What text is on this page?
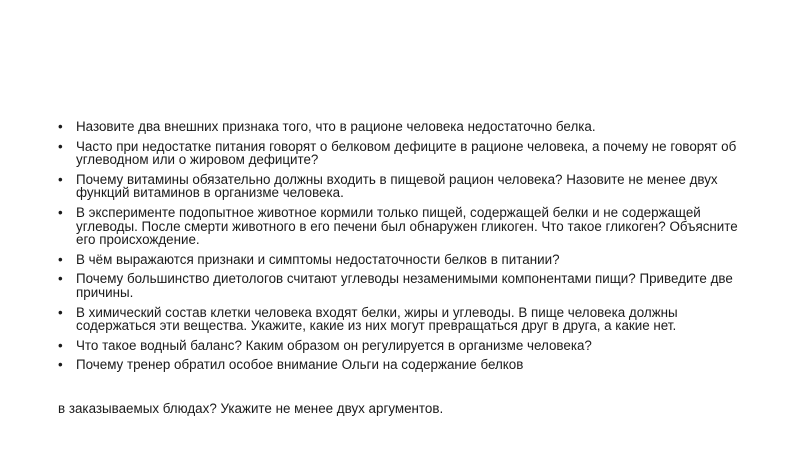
• Назовите два внешних признака того, что в рационе человека недостаточно белка.
• Часто при недостатке питания говорят о белковом дефиците в рационе человека, а почему не говорят об углеводном или о жировом дефиците?
• Почему витамины обязательно должны входить в пищевой рацион человека? Назовите не менее двух функций витаминов в организме человека.
• В эксперименте подопытное животное кормили только пищей, содержащей белки и не содержащей углеводы. После смерти животного в его печени был обнаружен гликоген. Что такое гликоген? Объясните его происхождение.
• В чём выражаются признаки и симптомы недостаточности белков в питании?
• Почему большинство диетологов считают углеводы незаменимыми компонентами пищи? Приведите две причины.
• В химический состав клетки человека входят белки, жиры и углеводы. В пище человека должны содержаться эти вещества. Укажите, какие из них могут превращаться друг в друга, а какие нет.
• Что такое водный баланс? Каким образом он регулируется в организме человека?
• Почему тренер обратил особое внимание Ольги на содержание белков

в заказываемых блюдах? Укажите не менее двух аргументов.
